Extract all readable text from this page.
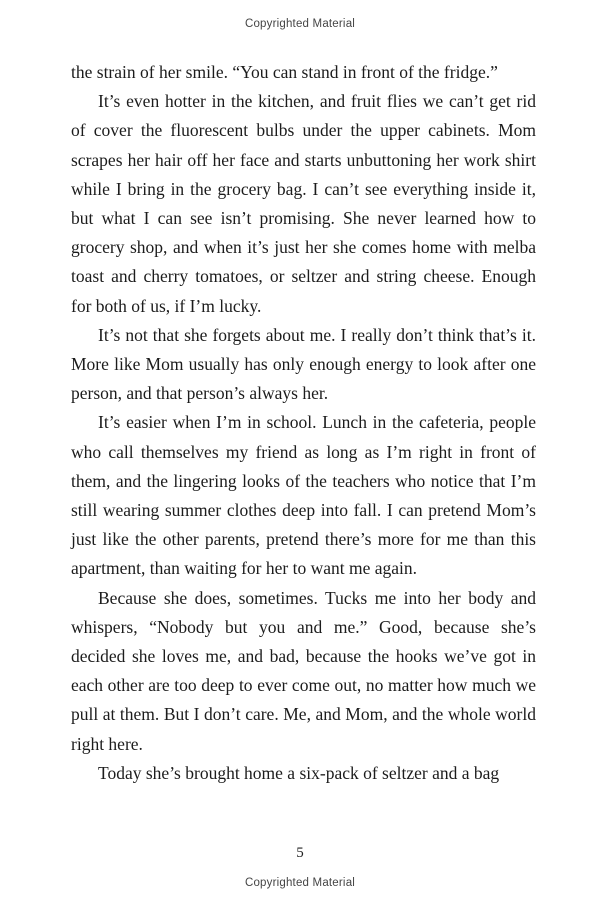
Copyrighted Material

the strain of her smile. “You can stand in front of the fridge.”

It’s even hotter in the kitchen, and fruit flies we can’t get rid of cover the fluorescent bulbs under the upper cabinets. Mom scrapes her hair off her face and starts unbuttoning her work shirt while I bring in the grocery bag. I can’t see everything inside it, but what I can see isn’t promising. She never learned how to grocery shop, and when it’s just her she comes home with melba toast and cherry tomatoes, or seltzer and string cheese. Enough for both of us, if I’m lucky.

It’s not that she forgets about me. I really don’t think that’s it. More like Mom usually has only enough energy to look after one person, and that person’s always her.

It’s easier when I’m in school. Lunch in the cafeteria, people who call themselves my friend as long as I’m right in front of them, and the lingering looks of the teachers who notice that I’m still wearing summer clothes deep into fall. I can pretend Mom’s just like the other parents, pretend there’s more for me than this apartment, than waiting for her to want me again.

Because she does, sometimes. Tucks me into her body and whispers, “Nobody but you and me.” Good, because she’s decided she loves me, and bad, because the hooks we’ve got in each other are too deep to ever come out, no matter how much we pull at them. But I don’t care. Me, and Mom, and the whole world right here.

Today she’s brought home a six-pack of seltzer and a bag

5
Copyrighted Material
